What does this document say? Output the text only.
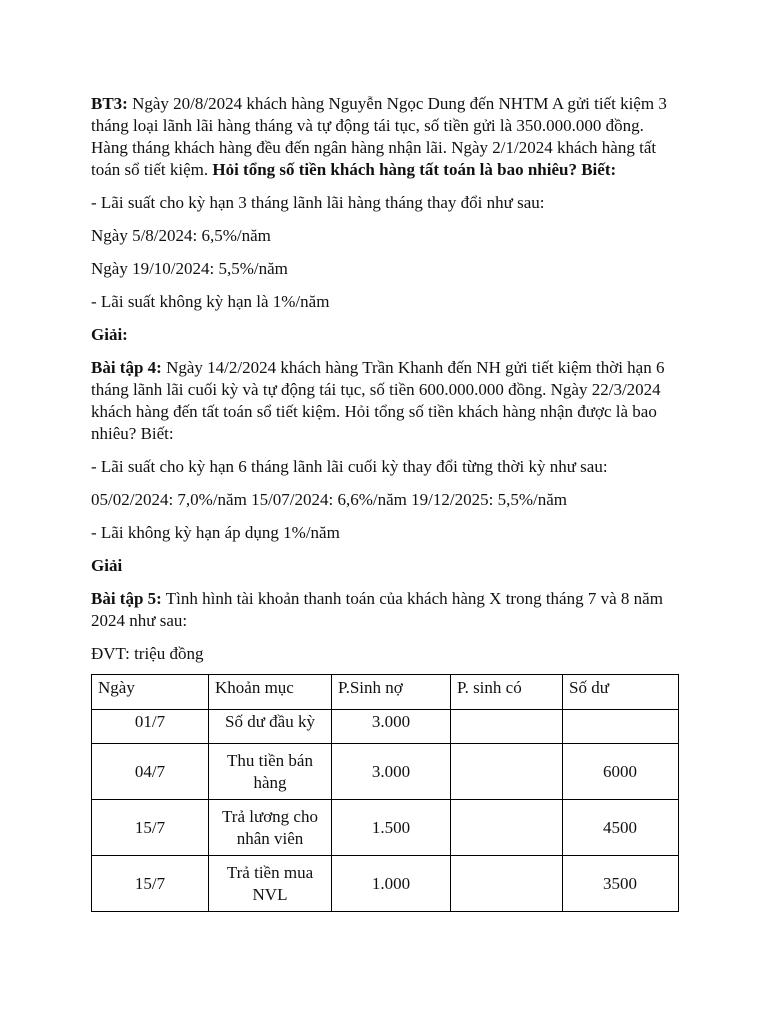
BT3: Ngày 20/8/2024 khách hàng Nguyễn Ngọc Dung đến NHTM A gửi tiết kiệm 3 tháng loại lãnh lãi hàng tháng và tự động tái tục, số tiền gửi là 350.000.000 đồng. Hàng tháng khách hàng đều đến ngân hàng nhận lãi. Ngày 2/1/2024 khách hàng tất toán sổ tiết kiệm. Hỏi tổng số tiền khách hàng tất toán là bao nhiêu? Biết:

- Lãi suất cho kỳ hạn 3 tháng lãnh lãi hàng tháng thay đổi như sau:

Ngày 5/8/2024: 6,5%/năm

Ngày 19/10/2024: 5,5%/năm

- Lãi suất không kỳ hạn là 1%/năm

Giải:

Bài tập 4: Ngày 14/2/2024 khách hàng Trần Khanh đến NH gửi tiết kiệm thời hạn 6 tháng lãnh lãi cuối kỳ và tự động tái tục, số tiền 600.000.000 đồng. Ngày 22/3/2024 khách hàng đến tất toán sổ tiết kiệm. Hỏi tổng số tiền khách hàng nhận được là bao nhiêu? Biết:

- Lãi suất cho kỳ hạn 6 tháng lãnh lãi cuối kỳ thay đổi từng thời kỳ như sau:

05/02/2024: 7,0%/năm 15/07/2024: 6,6%/năm 19/12/2025: 5,5%/năm

- Lãi không kỳ hạn áp dụng 1%/năm

Giải

Bài tập 5: Tình hình tài khoản thanh toán của khách hàng X trong tháng 7 và 8 năm 2024 như sau:

ĐVT: triệu đồng

Ngày	Khoản mục	P.Sinh nợ	P. sinh có	Số dư
01/7	Số dư đầu kỳ	3.000		
04/7	Thu tiền bán hàng	3.000		6000
15/7	Trả lương cho nhân viên	1.500		4500
15/7	Trả tiền mua NVL	1.000		3500
